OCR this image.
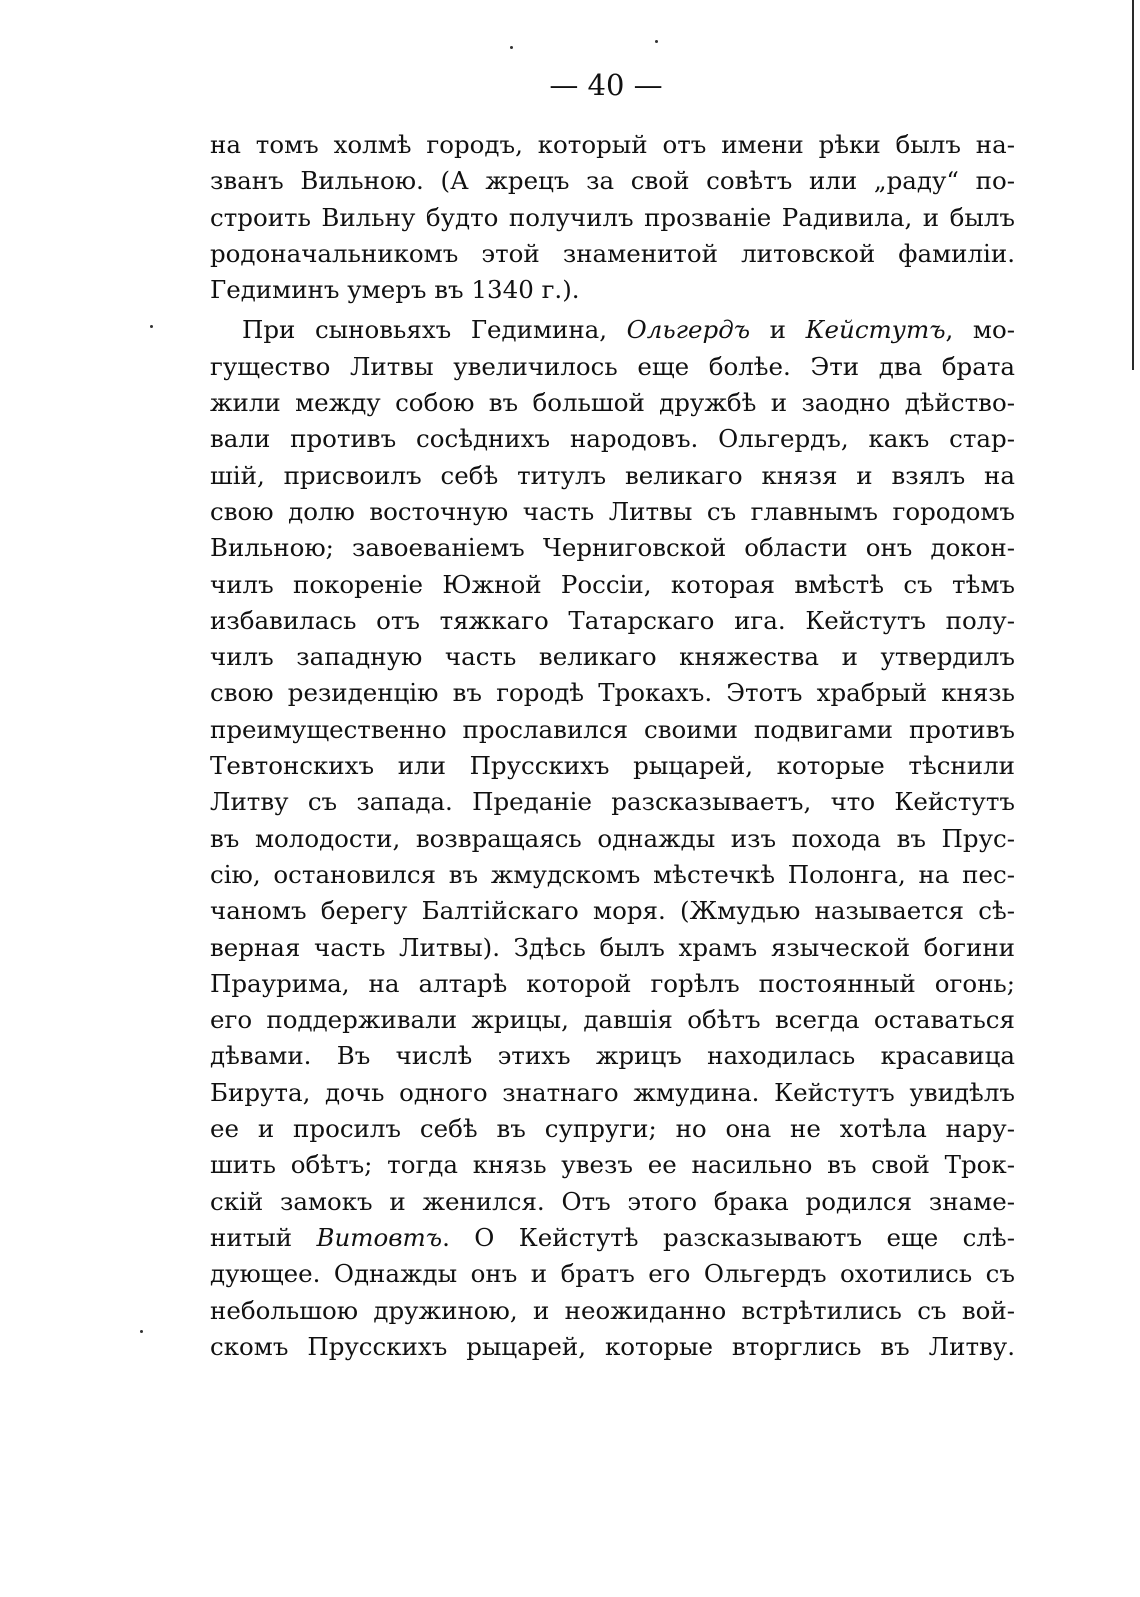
— 40 —
на томъ холмѣ городъ, который отъ имени рѣки былъ на-
званъ Вильною. (А жрецъ за свой совѣтъ или „раду“ по-
строить Вильну будто получилъ прозваніе Радивила, и былъ
родоначальникомъ этой знаменитой литовской фамиліи.
Гедиминъ умеръ въ 1340 г.).
При сыновьяхъ Гедимина, Ольгердъ и Кейстутъ, мо-
гущество Литвы увеличилось еще болѣе. Эти два брата
жили между собою въ большой дружбѣ и заодно дѣйство-
вали противъ сосѣднихъ народовъ. Ольгердъ, какъ стар-
шій, присвоилъ себѣ титулъ великаго князя и взялъ на
свою долю восточную часть Литвы съ главнымъ городомъ
Вильною; завоеваніемъ Черниговской области онъ докон-
чилъ покореніе Южной Россіи, которая вмѣстѣ съ тѣмъ
избавилась отъ тяжкаго Татарскаго ига. Кейстутъ полу-
чилъ западную часть великаго княжества и утвердилъ
свою резиденцію въ городѣ Трокахъ. Этотъ храбрый князь
преимущественно прославился своими подвигами противъ
Тевтонскихъ или Прусскихъ рыцарей, которые тѣснили
Литву съ запада. Преданіе разсказываетъ, что Кейстутъ
въ молодости, возвращаясь однажды изъ похода въ Прус-
сію, остановился въ жмудскомъ мѣстечкѣ Полонга, на пес-
чаномъ берегу Балтійскаго моря. (Жмудью называется сѣ-
верная часть Литвы). Здѣсь былъ храмъ языческой богини
Праурима, на алтарѣ которой горѣлъ постоянный огонь;
его поддерживали жрицы, давшія обѣтъ всегда оставаться
дѣвами. Въ числѣ этихъ жрицъ находилась красавица
Бирута, дочь одного знатнаго жмудина. Кейстутъ увидѣлъ
ее и просилъ себѣ въ супруги; но она не хотѣла нару-
шить обѣтъ; тогда князь увезъ ее насильно въ свой Трок-
скій замокъ и женился. Отъ этого брака родился знаме-
нитый Витовтъ. О Кейстутѣ разсказываютъ еще слѣ-
дующее. Однажды онъ и братъ его Ольгердъ охотились съ
небольшою дружиною, и неожиданно встрѣтились съ вой-
скомъ Прусскихъ рыцарей, которые вторглись въ Литву.
